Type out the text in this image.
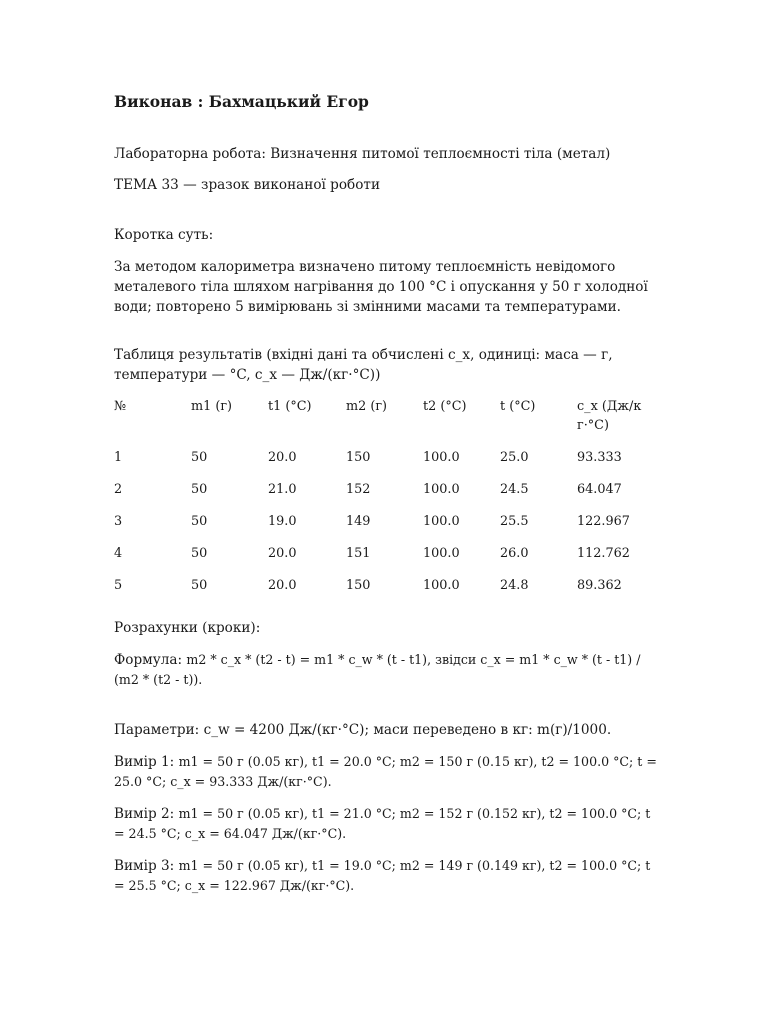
Виконав : Бахмацький Егор

Лабораторна робота: Визначення питомої теплоємності тіла (метал)

ТЕМА 33 — зразок виконаної роботи

Коротка суть:

За методом калориметра визначено питому теплоємність невідомого металевого тіла шляхом нагрівання до 100 °C і опускання у 50 г холодної води; повторено 5 вимірювань зі змінними масами та температурами.

Таблиця результатів (вхідні дані та обчислені c_x, одиниці: маса — г, температури — °C, c_x — Дж/(кг·°C))

№	m1 (г)	t1 (°C)	m2 (г)	t2 (°C)	t (°C)	c_x (Дж/кг·°C)

1	50	20.0	150	100.0	25.0	93.333
2	50	21.0	152	100.0	24.5	64.047
3	50	19.0	149	100.0	25.5	122.967
4	50	20.0	151	100.0	26.0	112.762
5	50	20.0	150	100.0	24.8	89.362

Розрахунки (кроки):

Формула: m2 * c_x * (t2 - t) = m1 * c_w * (t - t1), звідси c_x = m1 * c_w * (t - t1) / (m2 * (t2 - t)).

Параметри: c_w = 4200 Дж/(кг·°C); маси переведено в кг: m(г)/1000.

Вимір 1: m1 = 50 г (0.05 кг), t1 = 20.0 °C; m2 = 150 г (0.15 кг), t2 = 100.0 °C; t = 25.0 °C; c_x = 93.333 Дж/(кг·°C).

Вимір 2: m1 = 50 г (0.05 кг), t1 = 21.0 °C; m2 = 152 г (0.152 кг), t2 = 100.0 °C; t = 24.5 °C; c_x = 64.047 Дж/(кг·°C).

Вимір 3: m1 = 50 г (0.05 кг), t1 = 19.0 °C; m2 = 149 г (0.149 кг), t2 = 100.0 °C; t = 25.5 °C; c_x = 122.967 Дж/(кг·°C).
